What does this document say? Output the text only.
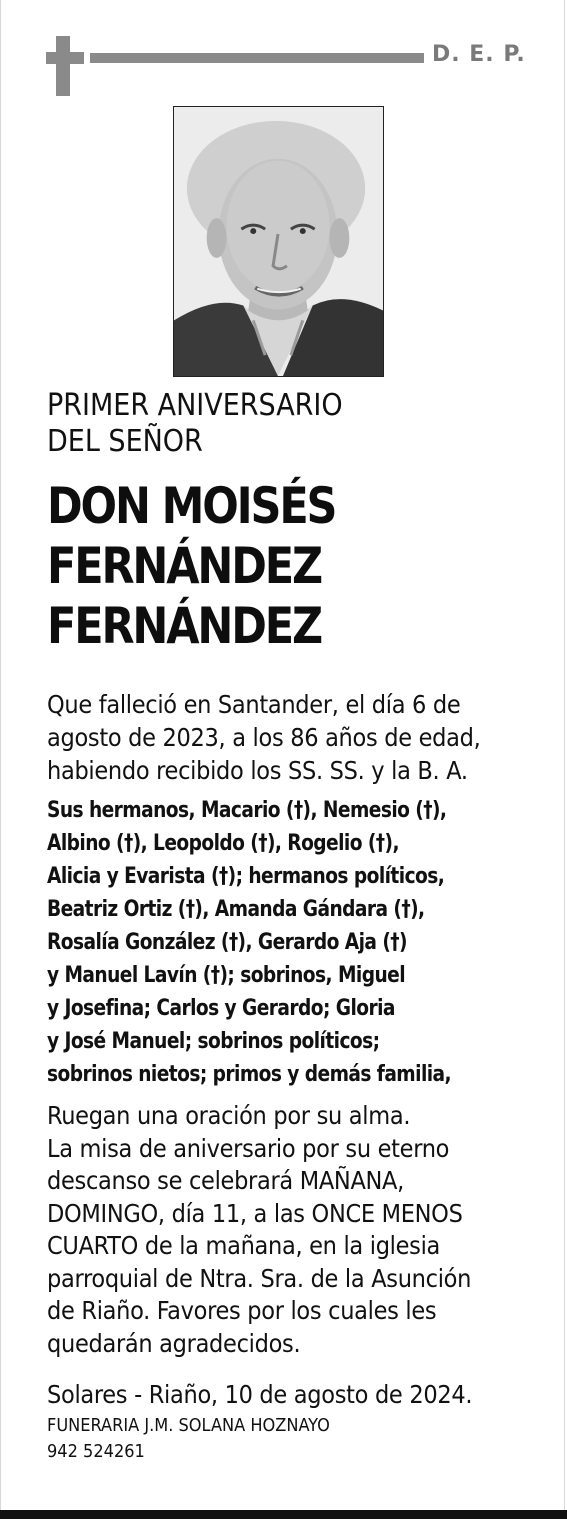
D. E. P.
PRIMER ANIVERSARIO
DEL SEÑOR
DON MOISÉS
FERNÁNDEZ
FERNÁNDEZ
Que falleció en Santander, el día 6 de
agosto de 2023, a los 86 años de edad,
habiendo recibido los SS. SS. y la B. A.
Sus hermanos, Macario (†), Nemesio (†),
Albino (†), Leopoldo (†), Rogelio (†),
Alicia y Evarista (†); hermanos políticos,
Beatriz Ortiz (†), Amanda Gándara (†),
Rosalía González (†), Gerardo Aja (†)
y Manuel Lavín (†); sobrinos, Miguel
y Josefina; Carlos y Gerardo; Gloria
y José Manuel; sobrinos políticos;
sobrinos nietos; primos y demás familia,
Ruegan una oración por su alma.
La misa de aniversario por su eterno
descanso se celebrará MAÑANA,
DOMINGO, día 11, a las ONCE MENOS
CUARTO de la mañana, en la iglesia
parroquial de Ntra. Sra. de la Asunción
de Riaño. Favores por los cuales les
quedarán agradecidos.
Solares - Riaño, 10 de agosto de 2024.
FUNERARIA J.M. SOLANA HOZNAYO
942 524261
